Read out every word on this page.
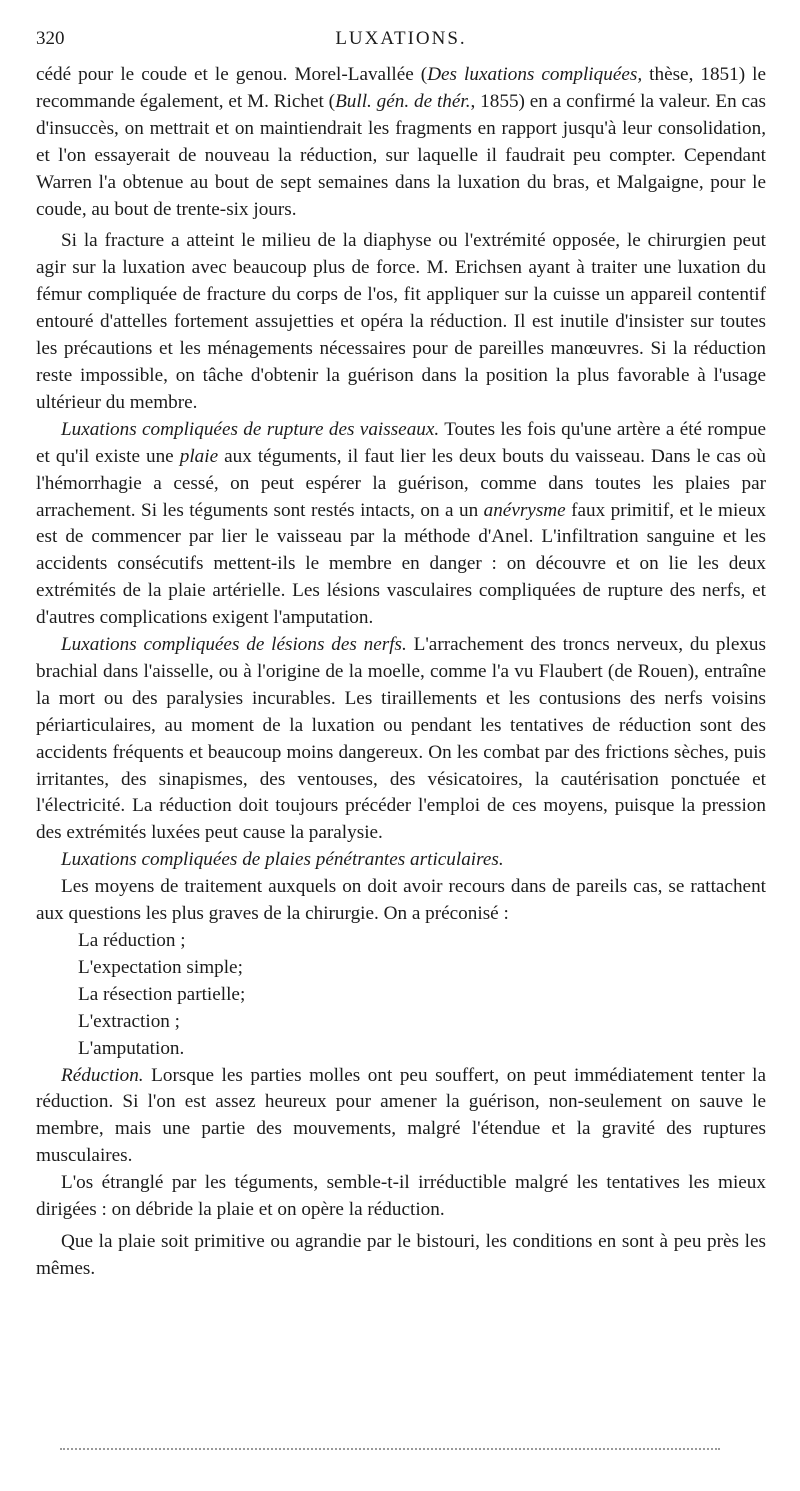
320	LUXATIONS.

cédé pour le coude et le genou. Morel-Lavallée (Des luxations compliquées, thèse, 1851) le recommande également, et M. Richet (Bull. gén. de thér., 1855) en a confirmé la valeur. En cas d'insuccès, on mettrait et on maintiendrait les fragments en rapport jusqu'à leur consolidation, et l'on essayerait de nouveau la réduction, sur laquelle il faudrait peu compter. Cependant Warren l'a obtenue au bout de sept semaines dans la luxation du bras, et Malgaigne, pour le coude, au bout de trente-six jours.

Si la fracture a atteint le milieu de la diaphyse ou l'extrémité opposée, le chirurgien peut agir sur la luxation avec beaucoup plus de force. M. Erichsen ayant à traiter une luxation du fémur compliquée de fracture du corps de l'os, fit appliquer sur la cuisse un appareil contentif entouré d'attelles fortement assujetties et opéra la réduction. Il est inutile d'insister sur toutes les précautions et les ménagements nécessaires pour de pareilles manœuvres. Si la réduction reste impossible, on tâche d'obtenir la guérison dans la position la plus favorable à l'usage ultérieur du membre.

Luxations compliquées de rupture des vaisseaux. Toutes les fois qu'une artère a été rompue et qu'il existe une plaie aux téguments, il faut lier les deux bouts du vaisseau. Dans le cas où l'hémorrhagie a cessé, on peut espérer la guérison, comme dans toutes les plaies par arrachement. Si les téguments sont restés intacts, on a un anévrysme faux primitif, et le mieux est de commencer par lier le vaisseau par la méthode d'Anel. L'infiltration sanguine et les accidents consécutifs mettent-ils le membre en danger : on découvre et on lie les deux extrémités de la plaie artérielle. Les lésions vasculaires compliquées de rupture des nerfs, et d'autres complications exigent l'amputation.

Luxations compliquées de lésions des nerfs. L'arrachement des troncs nerveux, du plexus brachial dans l'aisselle, ou à l'origine de la moelle, comme l'a vu Flaubert (de Rouen), entraîne la mort ou des paralysies incurables. Les tiraillements et les contusions des nerfs voisins périarticulaires, au moment de la luxation ou pendant les tentatives de réduction sont des accidents fréquents et beaucoup moins dangereux. On les combat par des frictions sèches, puis irritantes, des sinapismes, des ventouses, des vésicatoires, la cautérisation ponctuée et l'électricité. La réduction doit toujours précéder l'emploi de ces moyens, puisque la pression des extrémités luxées peut cause la paralysie.

Luxations compliquées de plaies pénétrantes articulaires.

Les moyens de traitement auxquels on doit avoir recours dans de pareils cas, se rattachent aux questions les plus graves de la chirurgie. On a préconisé :

La réduction ;
L'expectation simple;
La résection partielle;
L'extraction ;
L'amputation.

Réduction. Lorsque les parties molles ont peu souffert, on peut immédiatement tenter la réduction. Si l'on est assez heureux pour amener la guérison, non-seulement on sauve le membre, mais une partie des mouvements, malgré l'étendue et la gravité des ruptures musculaires.

L'os étranglé par les téguments, semble-t-il irréductible malgré les tentatives les mieux dirigées : on débride la plaie et on opère la réduction.

Que la plaie soit primitive ou agrandie par le bistouri, les conditions en sont à peu près les mêmes.
